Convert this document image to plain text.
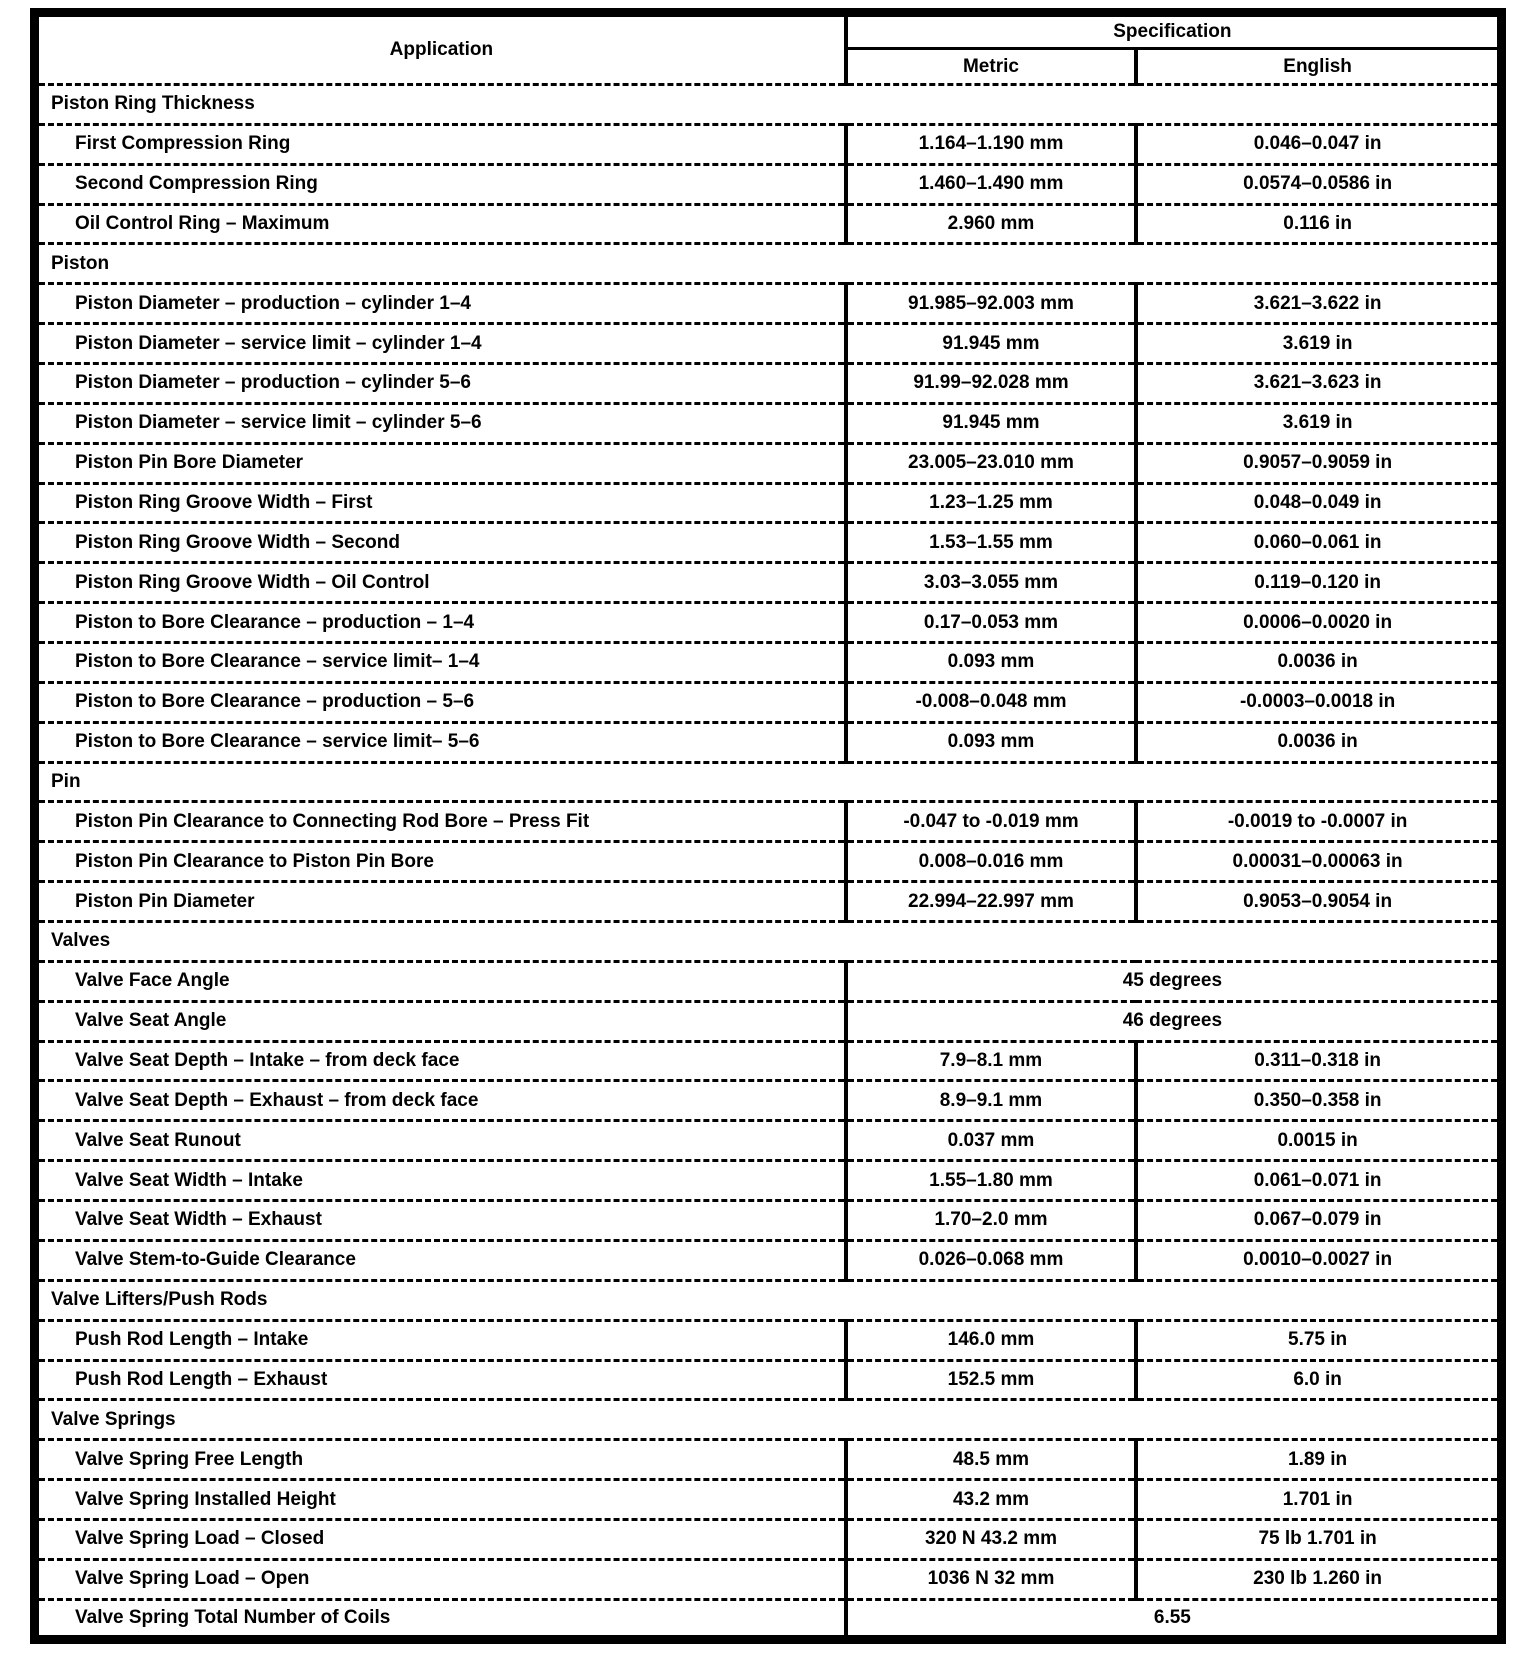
Application	Specification	
	Metric	English
Piston Ring Thickness		
First Compression Ring	1.164–1.190 mm	0.046–0.047 in
Second Compression Ring	1.460–1.490 mm	0.0574–0.0586 in
Oil Control Ring – Maximum	2.960 mm	0.116 in
Piston		
Piston Diameter – production – cylinder 1–4	91.985–92.003 mm	3.621–3.622 in
Piston Diameter – service limit – cylinder 1–4	91.945 mm	3.619 in
Piston Diameter – production – cylinder 5–6	91.99–92.028 mm	3.621–3.623 in
Piston Diameter – service limit – cylinder 5–6	91.945 mm	3.619 in
Piston Pin Bore Diameter	23.005–23.010 mm	0.9057–0.9059 in
Piston Ring Groove Width – First	1.23–1.25 mm	0.048–0.049 in
Piston Ring Groove Width – Second	1.53–1.55 mm	0.060–0.061 in
Piston Ring Groove Width – Oil Control	3.03–3.055 mm	0.119–0.120 in
Piston to Bore Clearance – production – 1–4	0.17–0.053 mm	0.0006–0.0020 in
Piston to Bore Clearance – service limit– 1–4	0.093 mm	0.0036 in
Piston to Bore Clearance – production – 5–6	-0.008–0.048 mm	-0.0003–0.0018 in
Piston to Bore Clearance – service limit– 5–6	0.093 mm	0.0036 in
Pin		
Piston Pin Clearance to Connecting Rod Bore – Press Fit	-0.047 to -0.019 mm	-0.0019 to -0.0007 in
Piston Pin Clearance to Piston Pin Bore	0.008–0.016 mm	0.00031–0.00063 in
Piston Pin Diameter	22.994–22.997 mm	0.9053–0.9054 in
Valves		
Valve Face Angle	45 degrees	
Valve Seat Angle	46 degrees	
Valve Seat Depth – Intake – from deck face	7.9–8.1 mm	0.311–0.318 in
Valve Seat Depth – Exhaust – from deck face	8.9–9.1 mm	0.350–0.358 in
Valve Seat Runout	0.037 mm	0.0015 in
Valve Seat Width – Intake	1.55–1.80 mm	0.061–0.071 in
Valve Seat Width – Exhaust	1.70–2.0 mm	0.067–0.079 in
Valve Stem-to-Guide Clearance	0.026–0.068 mm	0.0010–0.0027 in
Valve Lifters/Push Rods		
Push Rod Length – Intake	146.0 mm	5.75 in
Push Rod Length – Exhaust	152.5 mm	6.0 in
Valve Springs		
Valve Spring Free Length	48.5 mm	1.89 in
Valve Spring Installed Height	43.2 mm	1.701 in
Valve Spring Load – Closed	320 N 43.2 mm	75 lb 1.701 in
Valve Spring Load – Open	1036 N 32 mm	230 lb 1.260 in
Valve Spring Total Number of Coils	6.55	
